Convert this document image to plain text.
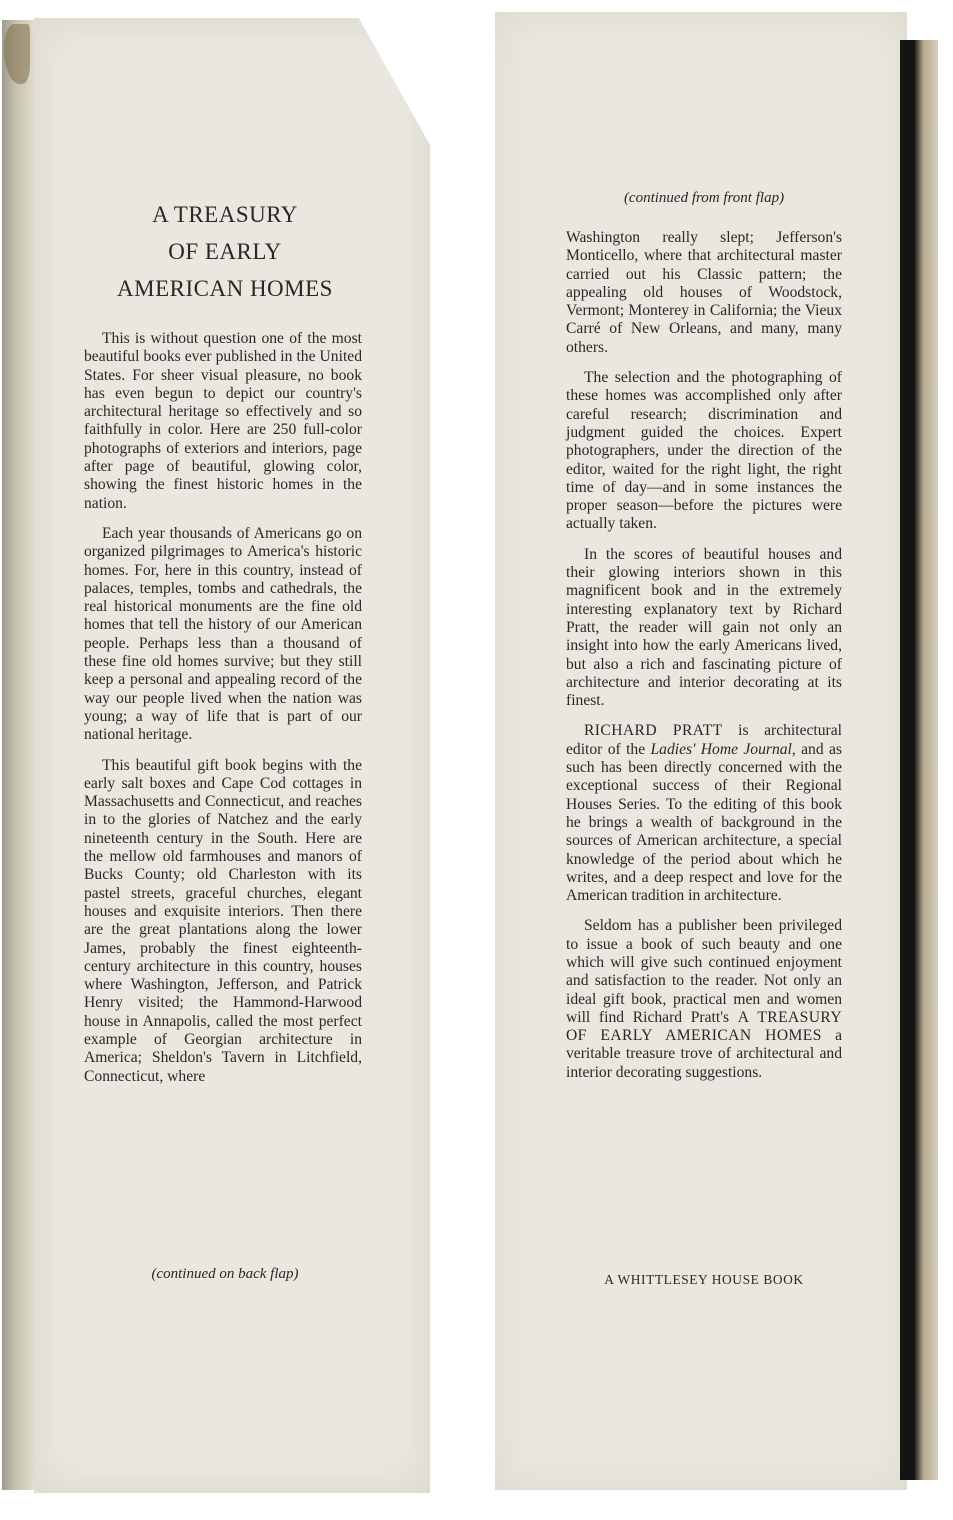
A TREASURY
OF EARLY
AMERICAN HOMES

This is without question one of the most beautiful books ever published in the United States. For sheer visual pleasure, no book has even begun to depict our country's architectural heritage so effectively and so faithfully in color. Here are 250 full-color photographs of exteriors and interiors, page after page of beautiful, glowing color, showing the finest historic homes in the nation.

Each year thousands of Americans go on organized pilgrimages to America's historic homes. For, here in this country, instead of palaces, temples, tombs and cathedrals, the real historical monuments are the fine old homes that tell the history of our American people. Perhaps less than a thousand of these fine old homes survive; but they still keep a personal and appealing record of the way our people lived when the nation was young; a way of life that is part of our national heritage.

This beautiful gift book begins with the early salt boxes and Cape Cod cottages in Massachusetts and Connecticut, and reaches in to the glories of Natchez and the early nineteenth century in the South. Here are the mellow old farmhouses and manors of Bucks County; old Charleston with its pastel streets, graceful churches, elegant houses and exquisite interiors. Then there are the great plantations along the lower James, probably the finest eighteenth-century architecture in this country, houses where Washington, Jefferson, and Patrick Henry visited; the Hammond-Harwood house in Annapolis, called the most perfect example of Georgian architecture in America; Sheldon's Tavern in Litchfield, Connecticut, where

(continued on back flap)
(continued from front flap)

Washington really slept; Jefferson's Monticello, where that architectural master carried out his Classic pattern; the appealing old houses of Woodstock, Vermont; Monterey in California; the Vieux Carré of New Orleans, and many, many others.

The selection and the photographing of these homes was accomplished only after careful research; discrimination and judgment guided the choices. Expert photographers, under the direction of the editor, waited for the right light, the right time of day—and in some instances the proper season—before the pictures were actually taken.

In the scores of beautiful houses and their glowing interiors shown in this magnificent book and in the extremely interesting explanatory text by Richard Pratt, the reader will gain not only an insight into how the early Americans lived, but also a rich and fascinating picture of architecture and interior decorating at its finest.

RICHARD PRATT is architectural editor of the Ladies' Home Journal, and as such has been directly concerned with the exceptional success of their Regional Houses Series. To the editing of this book he brings a wealth of background in the sources of American architecture, a special knowledge of the period about which he writes, and a deep respect and love for the American tradition in architecture.

Seldom has a publisher been privileged to issue a book of such beauty and one which will give such continued enjoyment and satisfaction to the reader. Not only an ideal gift book, practical men and women will find Richard Pratt's A TREASURY OF EARLY AMERICAN HOMES a veritable treasure trove of architectural and interior decorating suggestions.

A WHITTLESEY HOUSE BOOK
